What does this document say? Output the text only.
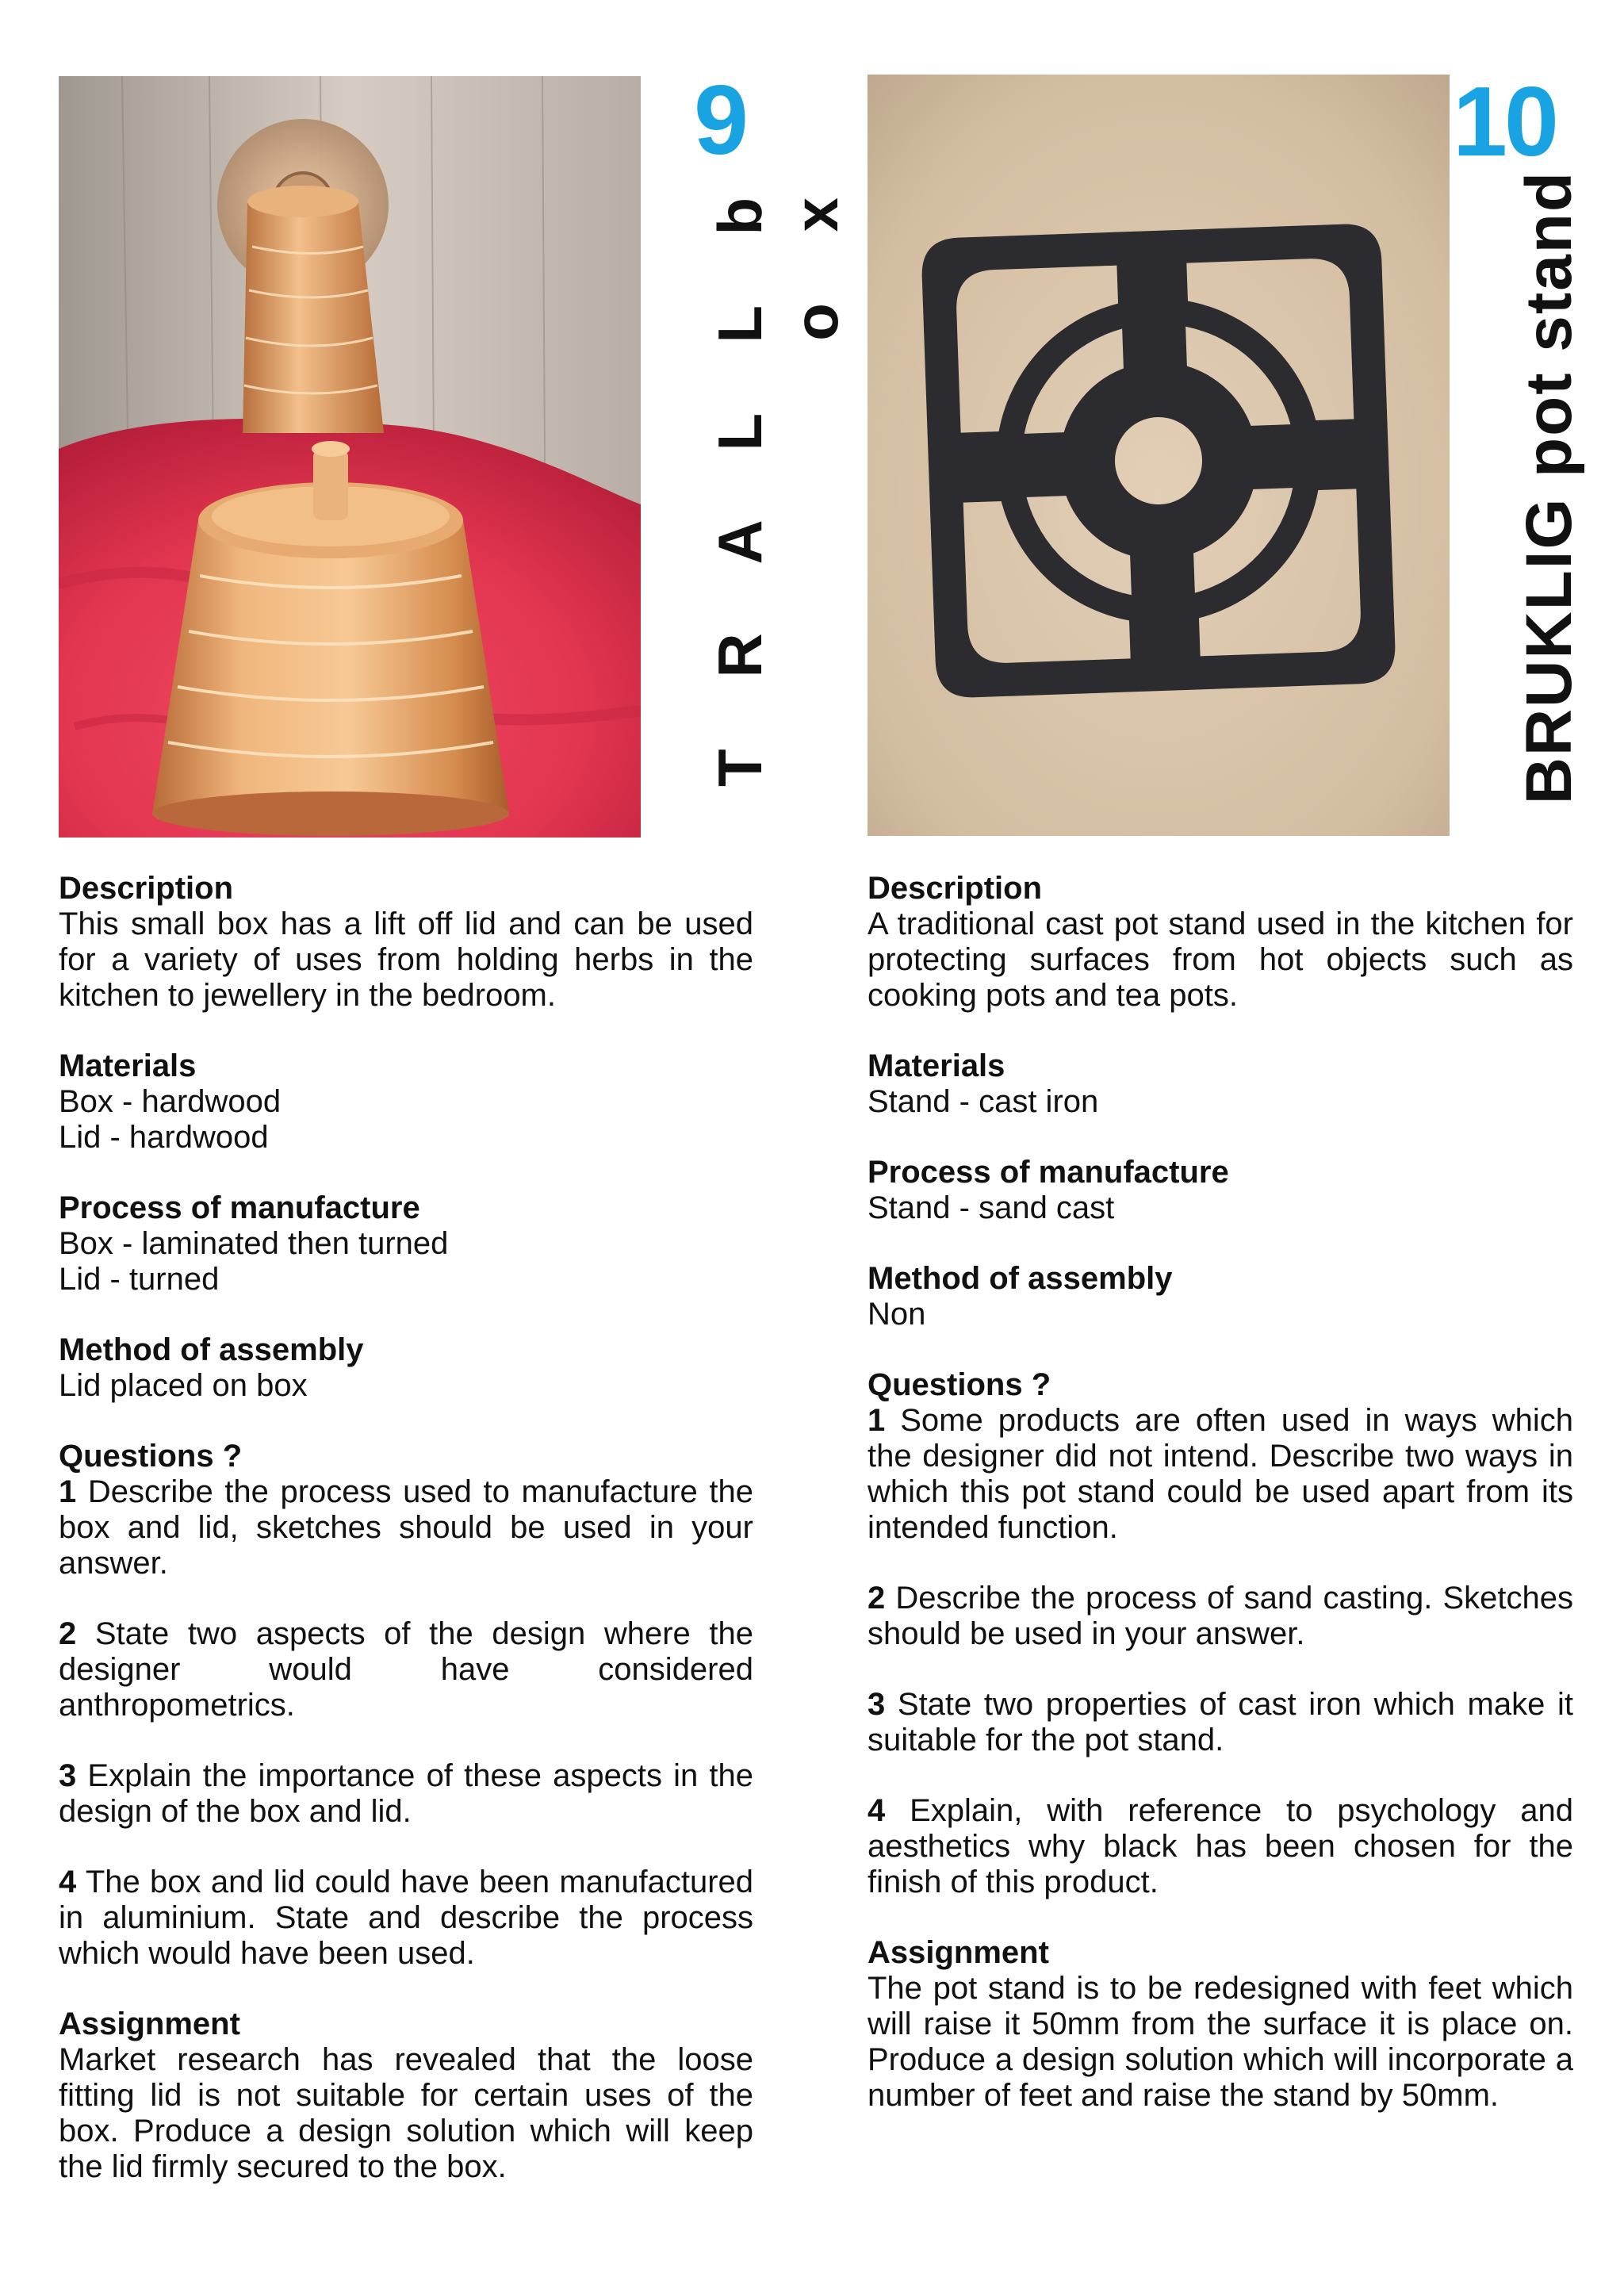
9
T R A L L b o x
Description
This small box has a lift off lid and can be used for a variety of uses from holding herbs in the kitchen to jewellery in the bedroom.
Materials
Box - hardwood
Lid - hardwood
Process of manufacture
Box - laminated then turned
Lid - turned
Method of assembly
Lid placed on box
Questions ?
1 Describe the process used to manufacture the box and lid, sketches should be used in your answer.
2 State two aspects of the design where the designer would have considered anthropometrics.
3 Explain the importance of these aspects in the design of the box and lid.
4 The box and lid could have been manufactured in aluminium. State and describe the process which would have been used.
Assignment
Market research has revealed that the loose fitting lid is not suitable for certain uses of the box. Produce a design solution which will keep the lid firmly secured to the box.
10
BRUKLIG pot stand
Description
A traditional cast pot stand used in the kitchen for protecting surfaces from hot objects such as cooking pots and tea pots.
Materials
Stand - cast iron
Process of manufacture
Stand - sand cast
Method of assembly
Non
Questions ?
1 Some products are often used in ways which the designer did not intend. Describe two ways in which this pot stand could be used apart from its intended function.
2 Describe the process of sand casting. Sketches should be used in your answer.
3 State two properties of cast iron which make it suitable for the pot stand.
4 Explain, with reference to psychology and aesthetics why black has been chosen for the finish of this product.
Assignment
The pot stand is to be redesigned with feet which will raise it 50mm from the surface it is place on. Produce a design solution which will incorporate a number of feet and raise the stand by 50mm.
